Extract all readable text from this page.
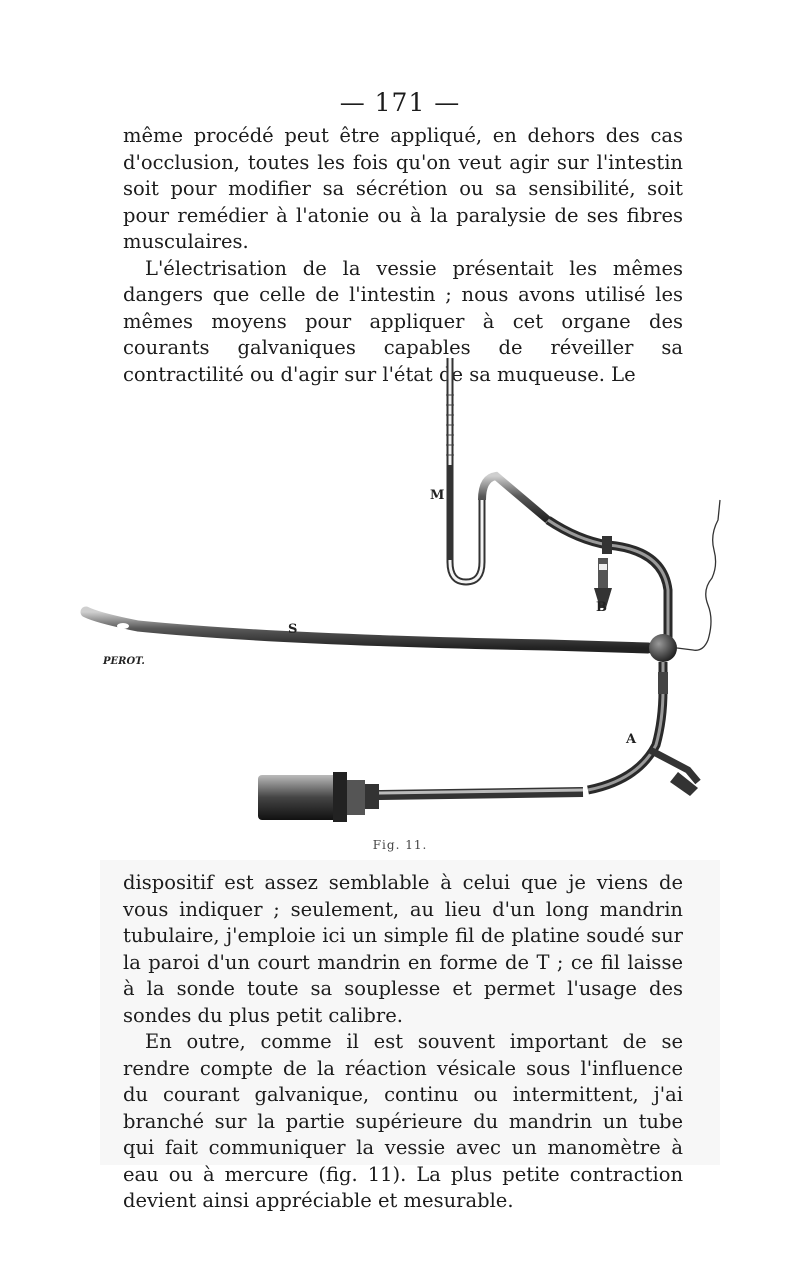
— 171 —

même procédé peut être appliqué, en dehors des cas d'occlusion, toutes les fois qu'on veut agir sur l'intestin soit pour modifier sa sécrétion ou sa sensibilité, soit pour remédier à l'atonie ou à la paralysie de ses fibres musculaires.

L'électrisation de la vessie présentait les mêmes dangers que celle de l'intestin ; nous avons utilisé les mêmes moyens pour appliquer à cet organe des courants galvaniques capables de réveiller sa contractilité ou d'agir sur l'état de sa muqueuse. Le

M
S
B
A
PEROT.
Fig. 11.

dispositif est assez semblable à celui que je viens de vous indiquer ; seulement, au lieu d'un long mandrin tubulaire, j'emploie ici un simple fil de platine soudé sur la paroi d'un court mandrin en forme de T ; ce fil laisse à la sonde toute sa souplesse et permet l'usage des sondes du plus petit calibre.

En outre, comme il est souvent important de se rendre compte de la réaction vésicale sous l'influence du courant galvanique, continu ou intermittent, j'ai branché sur la partie supérieure du mandrin un tube qui fait communiquer la vessie avec un manomètre à eau ou à mercure (fig. 11). La plus petite contraction devient ainsi appréciable et mesurable.
